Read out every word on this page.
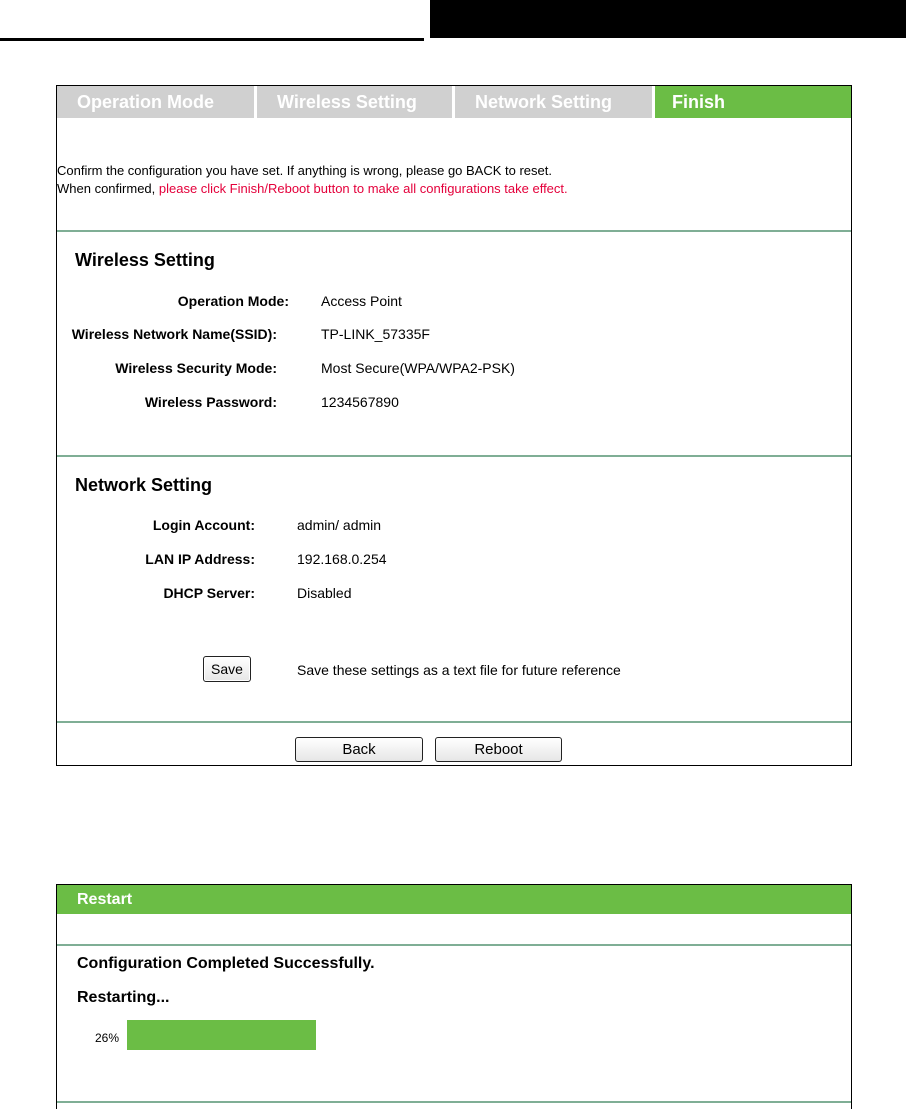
Operation Mode	Wireless Setting	Network Setting	Finish
Confirm the configuration you have set. If anything is wrong, please go BACK to reset.
When confirmed, please click Finish/Reboot button to make all configurations take effect.
Wireless Setting
Operation Mode: Access Point
Wireless Network Name(SSID):	TP-LINK_57335F
Wireless Security Mode:	Most Secure(WPA/WPA2-PSK)
Wireless Password:	1234567890
Network Setting
Login Account:	admin/ admin
LAN IP Address:	192.168.0.254
DHCP Server:	Disabled
Save	Save these settings as a text file for future reference
Back	Reboot
Restart
Configuration Completed Successfully.
Restarting...
26%
